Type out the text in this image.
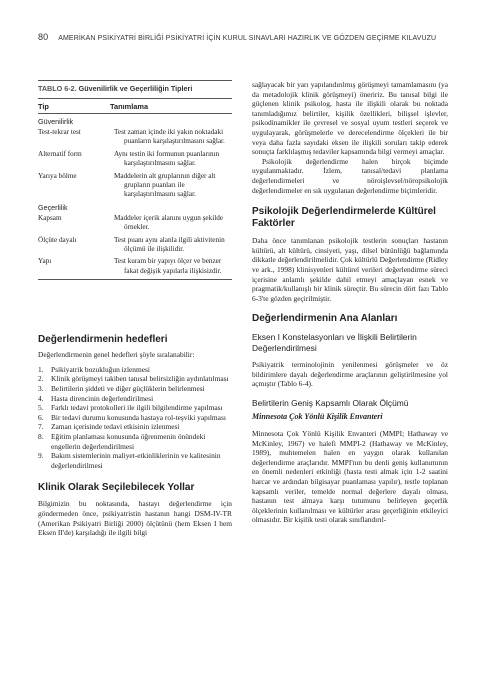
80 AMERİKAN PSİKİYATRİ BİRLİĞİ PSİKİYATRİ İÇİN KURUL SINAVLARI HAZIRLIK VE GÖZDEN GEÇİRME KILAVUZU
TABLO 6-2. Güvenilirlik ve Geçerliliğin Tipleri
Tip	Tanımlama
Güvenilirlik
Test-tekrar test	Test zaman içinde iki yakın noktadaki puanların karşılaştırılmasını sağlar.
Alternatif form	Aynı testin iki formunun puanlarının karşılaştırılmasını sağlar.
Yarıya bölme	Maddelerin alt gruplarının diğer alt grupların puanları ile karşılaştırılmasını sağlar.
Geçerlilik
Kapsam	Maddeler içerik alanını uygun şekilde örnekler.
Ölçüte dayalı	Test puanı aynı alanla ilgili aktivitenin ölçümü ile ilişkilidir.
Yapı	Test kuram bir yapıyı ölçer ve benzer fakat değişik yapılarla ilişkisizdir.
Değerlendirmenin hedefleri

Değerlendirmenin genel hedefleri şöyle sıralanabilir:

1.	Psikiyatrik bozukluğun izlenmesi
2.	Klinik görüşmeyi takiben tanısal belirsizliğin aydınlatılması
3.	Belirtilerin şiddeti ve diğer güçlüklerin belirlenmesi
4.	Hasta direncinin değerlendirilmesi
5.	Farklı tedavi protokolleri ile ilgili bilgilendirme yapılması
6.	Bir tedavi durumu konusunda hastaya rol-teşviki yapılması
7.	Zaman içerisinde tedavi etkisinin izlenmesi
8.	Eğitim planlaması konusunda öğrenmenin önündeki engellerin değerlendirilmesi
9.	Bakım sistemlerinin maliyet-etkinliklerinin ve kalitesinin değerlendirilmesi
Klinik Olarak Seçilebilecek Yollar

Bilgimizin bu noktasında, hastayı değerlendirme için göndermeden önce, psikiyatristin hastanın hangi DSM-IV-TR (Amerikan Psikiyatri Birliği 2000) ölçütünü (hem Eksen I hem Eksen II'de) karşıladığı ile ilgili bilgi

sağlayacak bir yarı yapılandırılmış görüşmeyi tamamlamasını (ya da metadolojik klinik görüşmeyi) öneririz. Bu tanısal bilgi ile güçlenen klinik psikolog, hasta ile ilişkili olarak bu noktada tanımladığımız belirtiler, kişilik özellikleri, bilişsel işlevler, psikodinamikler ile çevresel ve sosyal uyum testleri seçerek ve uygulayarak, görüşmelerle ve derecelendirme ölçekleri ile bir veya daha fazla sayıdaki eksen ile ilişkili soruları takip ederek sonuçta farklılaşmış tedaviler kapsamında bilgi vermeyi amaçlar.

Psikolojik değerlendirme halen birçok biçimde uygulanmaktadır. İzlem, tanısal/tedavi planlama değerlendirmeleri ve nöroişlevsel/nöropsikolojik değerlendirmeler en sık uygulanan değerlendirme biçimleridir.

Psikolojik Değerlendirmelerde Kültürel Faktörler

Daha önce tanımlanan psikolojik testlerin sonuçları hastanın kültürü, alt kültürü, cinsiyeti, yaşı, dilsel bütünlüğü bağlamında dikkatle değerlendirilmelidir. Çok kültürlü Değerlendirme (Ridley ve ark., 1998) klinisyenleri kültürel verileri değerlendirme süreci içerisine anlamlı şekilde dahil etmeyi amaçlayan esnek ve pragmatik/kullanışlı bir klinik süreçtir. Bu sürecin dört fazı Tablo 6-3'te gözden geçirilmiştir.

Değerlendirmenin Ana Alanları
Eksen I Konstelasyonları ve İlişkili Belirtilerin Değerlendirilmesi

Psikiyatrik terminolojinin yenilenmesi görüşmeler ve öz bildirimlere dayalı değerlendirme araçlarının geliştirilmesine yol açmıştır (Tablo 6-4).

Belirtilerin Geniş Kapsamlı Olarak Ölçümü
Minnesota Çok Yönlü Kişilik Envanteri

Minnesota Çok Yönlü Kişilik Envanteri (MMPI; Hathaway ve McKinley, 1967) ve halefi MMPI-2 (Hathaway ve McKinley, 1989), muhtemelen halen en yaygın olarak kullanılan değerlendirme araçlarıdır. MMPI'nın bu denli geniş kullanımının en önemli nedenleri etkinliği (hasta testi almak için 1-2 saatini harcar ve ardından bilgisayar puanlaması yapılır), testle toplanan kapsamlı veriler, temelde normal değerlere dayalı olması, hastanın test almaya karşı tutumunu belirleyen geçerlik ölçeklerinin kullanılması ve kültürler arası geçerliğinin etkileyici olmasıdır. Bir kişilik testi olarak sınıflandırıl-
